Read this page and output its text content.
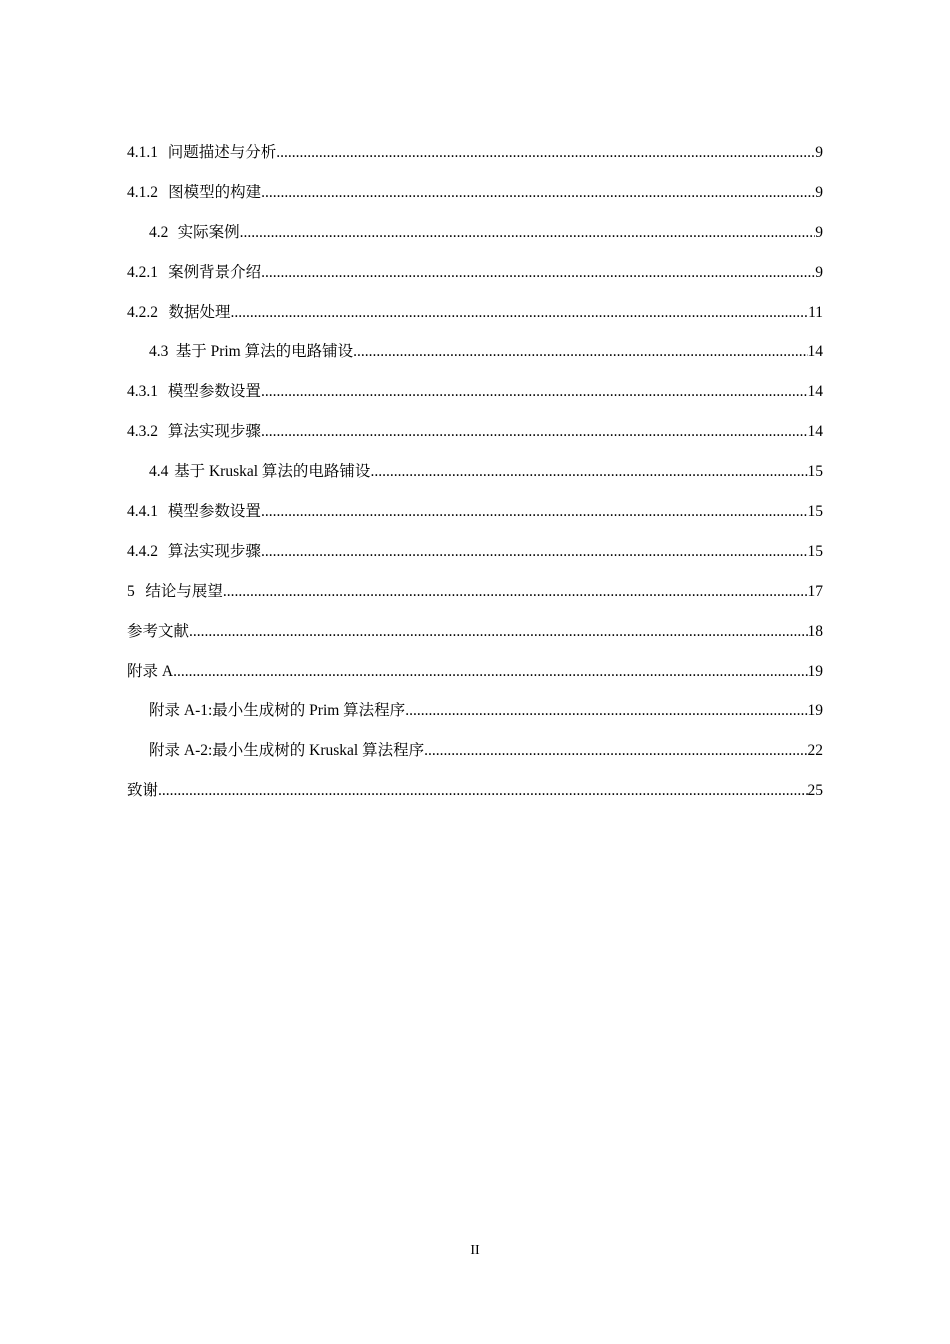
4.1.1 问题描述与分析 .....	9
4.1.2 图模型的构建 .....	9
4.2 实际案例 .....	9
4.2.1 案例背景介绍 .....	9
4.2.2 数据处理 .....	11
4.3 基于 Prim 算法的电路铺设 .....	14
4.3.1 模型参数设置 .....	14
4.3.2 算法实现步骤 .....	14
4.4 基于 Kruskal 算法的电路铺设 .....	15
4.4.1 模型参数设置 .....	15
4.4.2 算法实现步骤 .....	15
5 结论与展望 .....	17
参考文献 .....	18
附录 A .....	19
附录 A-1:最小生成树的 Prim 算法程序 .....	19
附录 A-2:最小生成树的 Kruskal 算法程序 .....	22
致谢 .....	25
II
